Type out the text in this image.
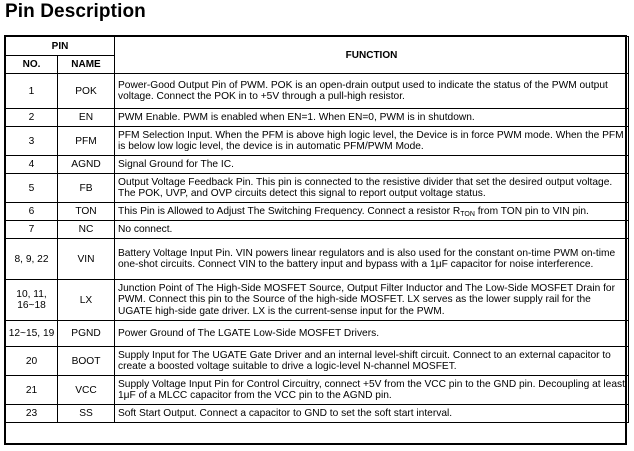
Pin Description
PIN		FUNCTION
NO.	NAME	
1	POK	Power-Good Output Pin of PWM. POK is an open-drain output used to indicate the status of the PWM output voltage. Connect the POK in to +5V through a pull-high resistor.
2	EN	PWM Enable. PWM is enabled when EN=1. When EN=0, PWM is in shutdown.
3	PFM	PFM Selection Input. When the PFM is above high logic level, the Device is in force PWM mode. When the PFM is below low logic level, the device is in automatic PFM/PWM Mode.
4	AGND	Signal Ground for The IC.
5	FB	Output Voltage Feedback Pin. This pin is connected to the resistive divider that set the desired output voltage. The POK, UVP, and OVP circuits detect this signal to report output voltage status.
6	TON	This Pin is Allowed to Adjust The Switching Frequency. Connect a resistor $R_{TON}$ from TON pin to VIN pin.
7	NC	No connect.
8, 9, 22	VIN	Battery Voltage Input Pin. VIN powers linear regulators and is also used for the constant on-time PWM on-time one-shot circuits. Connect VIN to the battery input and bypass with a 1μF capacitor for noise interference.
10, 11, 16~18	LX	Junction Point of The High-Side MOSFET Source, Output Filter Inductor and The Low-Side MOSFET Drain for PWM. Connect this pin to the Source of the high-side MOSFET. LX serves as the lower supply rail for the UGATE high-side gate driver. LX is the current-sense input for the PWM.
12~15, 19	PGND	Power Ground of The LGATE Low-Side MOSFET Drivers.
20	BOOT	Supply Input for The UGATE Gate Driver and an internal level-shift circuit. Connect to an external capacitor to create a boosted voltage suitable to drive a logic-level N-channel MOSFET.
21	VCC	Supply Voltage Input Pin for Control Circuitry, connect +5V from the VCC pin to the GND pin. Decoupling at least 1μF of a MLCC capacitor from the VCC pin to the AGND pin.
23	SS	Soft Start Output. Connect a capacitor to GND to set the soft start interval.
